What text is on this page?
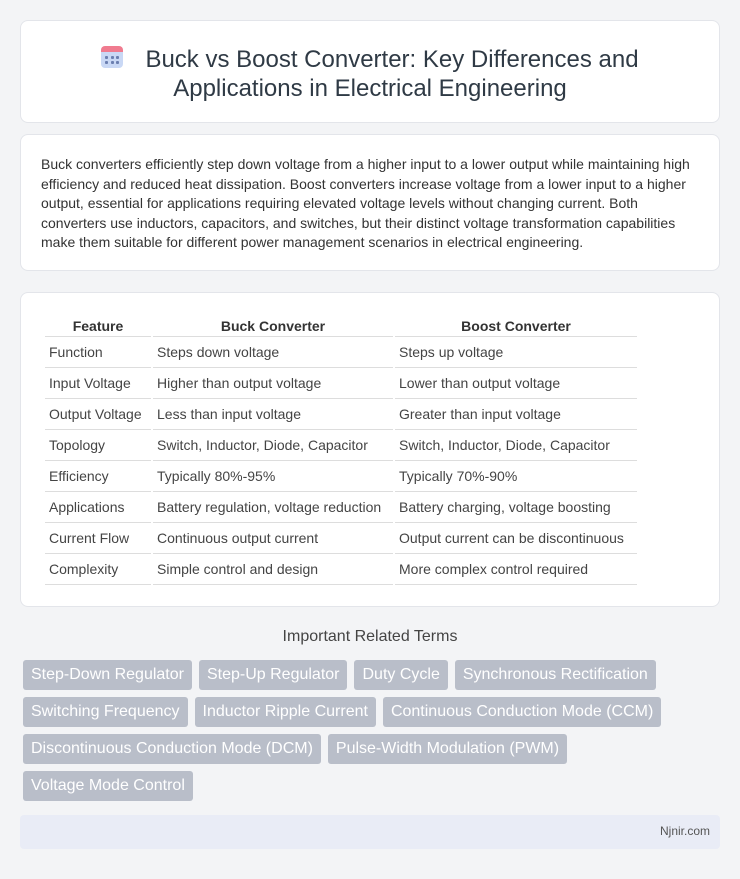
Buck vs Boost Converter: Key Differences and
Applications in Electrical Engineering

Buck converters efficiently step down voltage from a higher input to a lower output while maintaining high efficiency and reduced heat dissipation. Boost converters increase voltage from a lower input to a higher output, essential for applications requiring elevated voltage levels without changing current. Both converters use inductors, capacitors, and switches, but their distinct voltage transformation capabilities make them suitable for different power management scenarios in electrical engineering.

Feature	Buck Converter	Boost Converter
Function	Steps down voltage	Steps up voltage
Input Voltage	Higher than output voltage	Lower than output voltage
Output Voltage	Less than input voltage	Greater than input voltage
Topology	Switch, Inductor, Diode, Capacitor	Switch, Inductor, Diode, Capacitor
Efficiency	Typically 80%-95%	Typically 70%-90%
Applications	Battery regulation, voltage reduction	Battery charging, voltage boosting
Current Flow	Continuous output current	Output current can be discontinuous
Complexity	Simple control and design	More complex control required
Important Related Terms
Step-Down Regulator	Step-Up Regulator	Duty Cycle	Synchronous Rectification
Switching Frequency	Inductor Ripple Current	Continuous Conduction Mode (CCM)
Discontinuous Conduction Mode (DCM)	Pulse-Width Modulation (PWM)
Voltage Mode Control
Njnir.com
